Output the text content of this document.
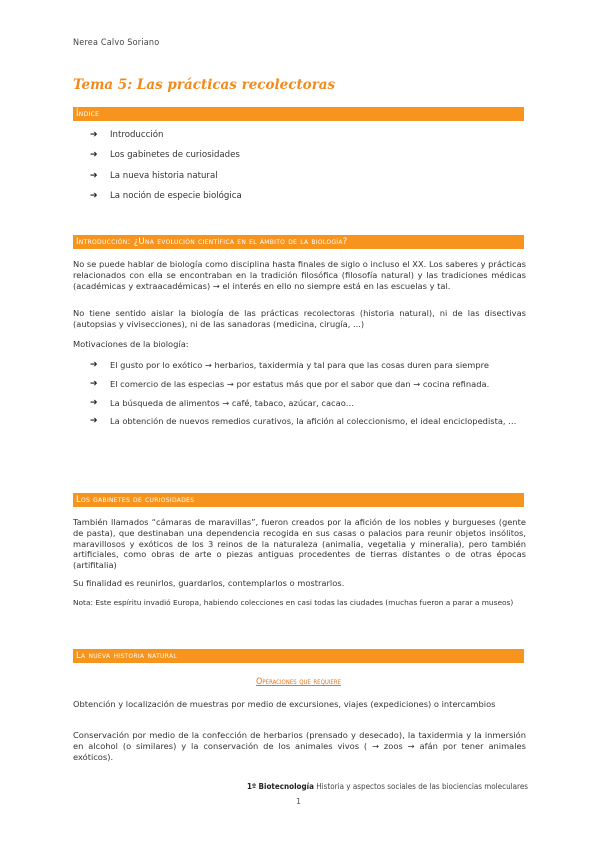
Nerea Calvo Soriano
Tema 5: Las prácticas recolectoras
Índice
➔ Introducción
➔ Los gabinetes de curiosidades
➔ La nueva historia natural
➔ La noción de especie biológica
Introducción: ¿Una evolución científica en el ámbito de la biología?

No se puede hablar de biología como disciplina hasta finales de siglo o incluso el XX. Los saberes y prácticas relacionados con ella se encontraban en la tradición filosófica (filosofía natural) y las tradiciones médicas (académicas y extraacadémicas) → el interés en ello no siempre está en las escuelas y tal.

No tiene sentido aislar la biología de las prácticas recolectoras (historia natural), ni de las disectivas (autopsias y vivisecciones), ni de las sanadoras (medicina, cirugía, ...)

Motivaciones de la biología:

➔ El gusto por lo exótico → herbarios, taxidermia y tal para que las cosas duren para siempre
➔ El comercio de las especias → por estatus más que por el sabor que dan → cocina refinada.
➔ La búsqueda de alimentos → café, tabaco, azúcar, cacao…
➔ La obtención de nuevos remedios curativos, la afición al coleccionismo, el ideal enciclopedista, …
Los gabinetes de curiosidades

También llamados “cámaras de maravillas”, fueron creados por la afición de los nobles y burgueses (gente de pasta), que destinaban una dependencia recogida en sus casas o palacios para reunir objetos insólitos, maravillosos y exóticos de los 3 reinos de la naturaleza (animalia, vegetalia y mineralia), pero también artificiales, como obras de arte o piezas antiguas procedentes de tierras distantes o de otras épocas (artifitalia)

Su finalidad es reunirlos, guardarlos, contemplarlos o mostrarlos.

Nota: Este espíritu invadió Europa, habiendo colecciones en casi todas las ciudades (muchas fueron a parar a museos)

La nueva historia natural
Operaciones que requiere

Obtención y localización de muestras por medio de excursiones, viajes (expediciones) o intercambios

Conservación por medio de la confección de herbarios (prensado y desecado), la taxidermia y la inmersión en alcohol (o similares) y la conservación de los animales vivos ( → zoos → afán por tener animales exóticos).

1º Biotecnología Historia y aspectos sociales de las biociencias moleculares
1
